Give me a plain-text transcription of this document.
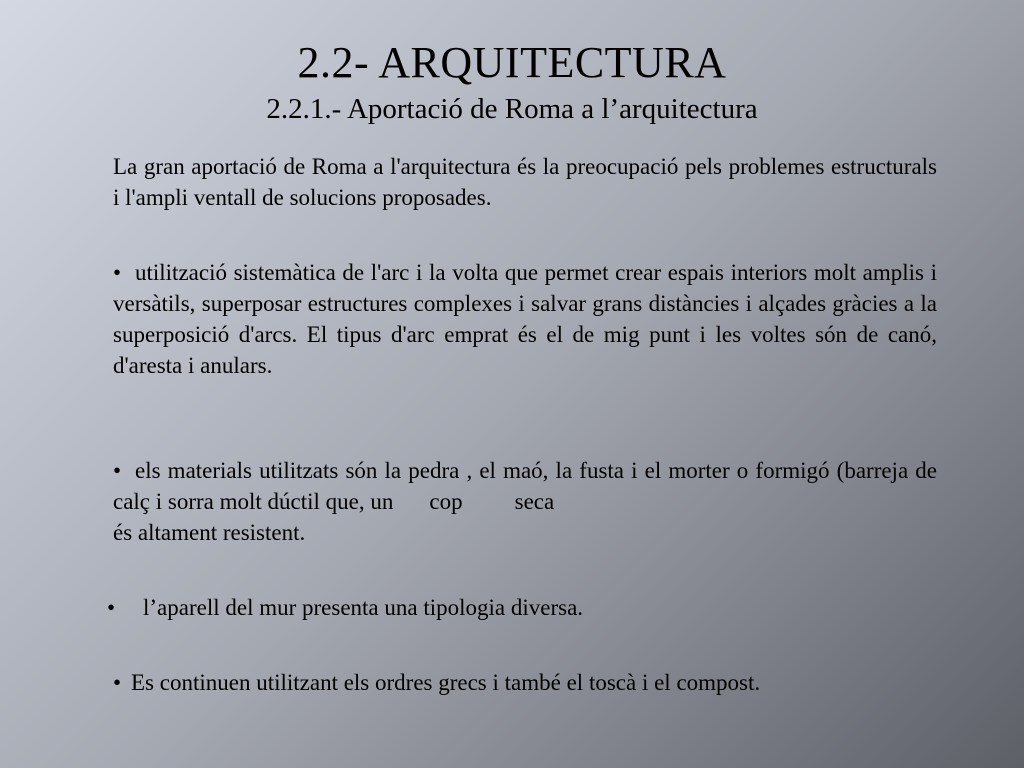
2.2- ARQUITECTURA
2.2.1.- Aportació de Roma a l’arquitectura
La gran aportació de Roma a l'arquitectura és la preocupació pels problemes estructurals i l'ampli ventall de solucions proposades.
• utilització sistemàtica de l'arc i la volta que permet crear espais interiors molt amplis i versàtils, superposar estructures complexes i salvar grans distàncies i alçades gràcies a la superposició d'arcs. El tipus d'arc emprat és el de mig punt i les voltes són de canó, d'aresta i anulars.
• els materials utilitzats són la pedra , el maó, la fusta i el morter o formigó (barreja de calç i sorra molt dúctil que, un cop seca
és altament resistent.
• l’aparell del mur presenta una tipologia diversa.
• Es continuen utilitzant els ordres grecs i també el toscà i el compost.
